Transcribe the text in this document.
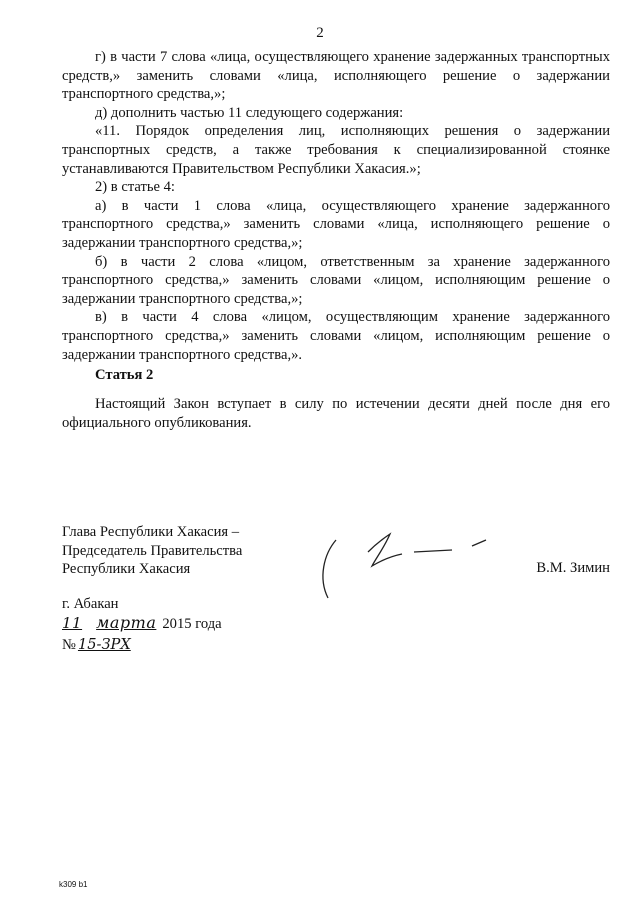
2

г) в части 7 слова «лица, осуществляющего хранение задержанных транспортных средств,» заменить словами «лица, исполняющего решение о задержании транспортного средства,»;

д) дополнить частью 11 следующего содержания:

«11. Порядок определения лиц, исполняющих решения о задержании транспортных средств, а также требования к специализированной стоянке устанавливаются Правительством Республики Хакасия.»;

2) в статье 4:

а) в части 1 слова «лица, осуществляющего хранение задержанного транспортного средства,» заменить словами «лица, исполняющего решение о задержании транспортного средства,»;

б) в части 2 слова «лицом, ответственным за хранение задержанного транспортного средства,» заменить словами «лицом, исполняющим решение о задержании транспортного средства,»;

в) в части 4 слова «лицом, осуществляющим хранение задержанного транспортного средства,» заменить словами «лицом, исполняющим решение о задержании транспортного средства,».

Статья 2

Настоящий Закон вступает в силу по истечении десяти дней после дня его официального опубликования.

Глава Республики Хакасия –
Председатель Правительства
Республики Хакасия	В.М. Зимин
г. Абакан
11 марта 2015 года
№ 15-ЗРХ
k309 b1
